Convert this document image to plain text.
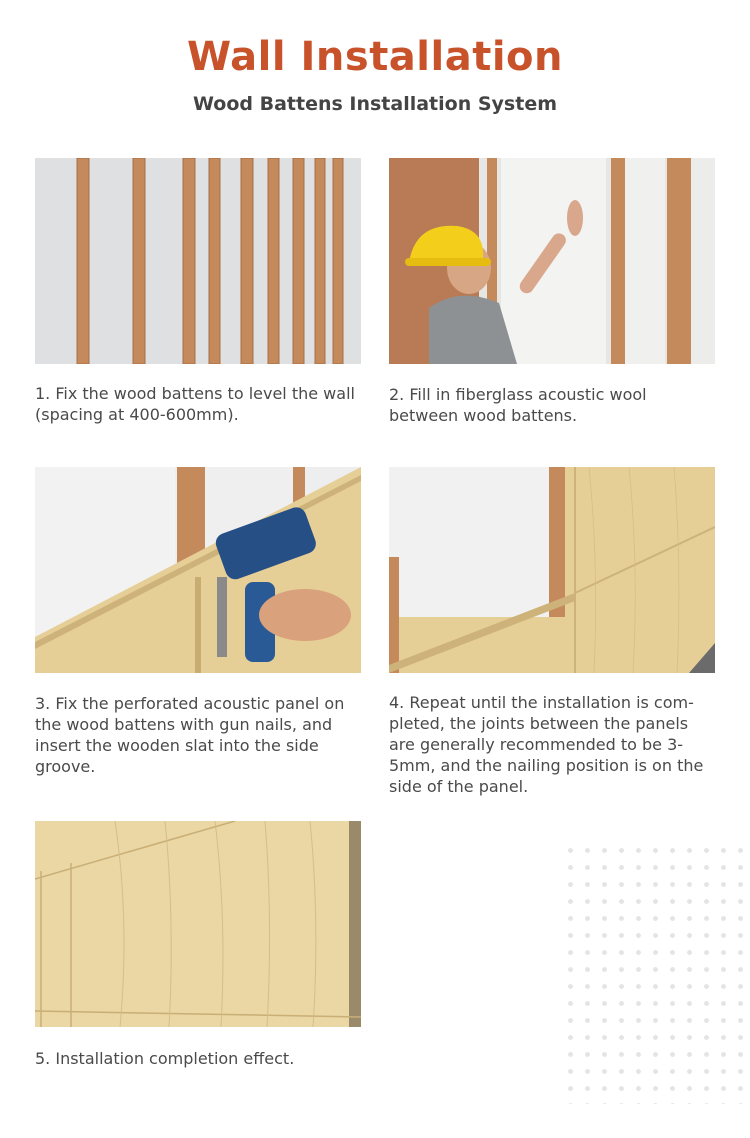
Wall Installation
Wood Battens Installation System

1. Fix the wood battens to level the wall (spacing at 400-600mm).

2. Fill in fiberglass acoustic wool between wood battens.

3. Fix the perforated acoustic panel on the wood battens with gun nails, and insert the wooden slat into the side groove.

4. Repeat until the installation is com-pleted, the joints between the panels are generally recommended to be 3-5mm, and the nailing position is on the side of the panel.

5. Installation completion effect.
